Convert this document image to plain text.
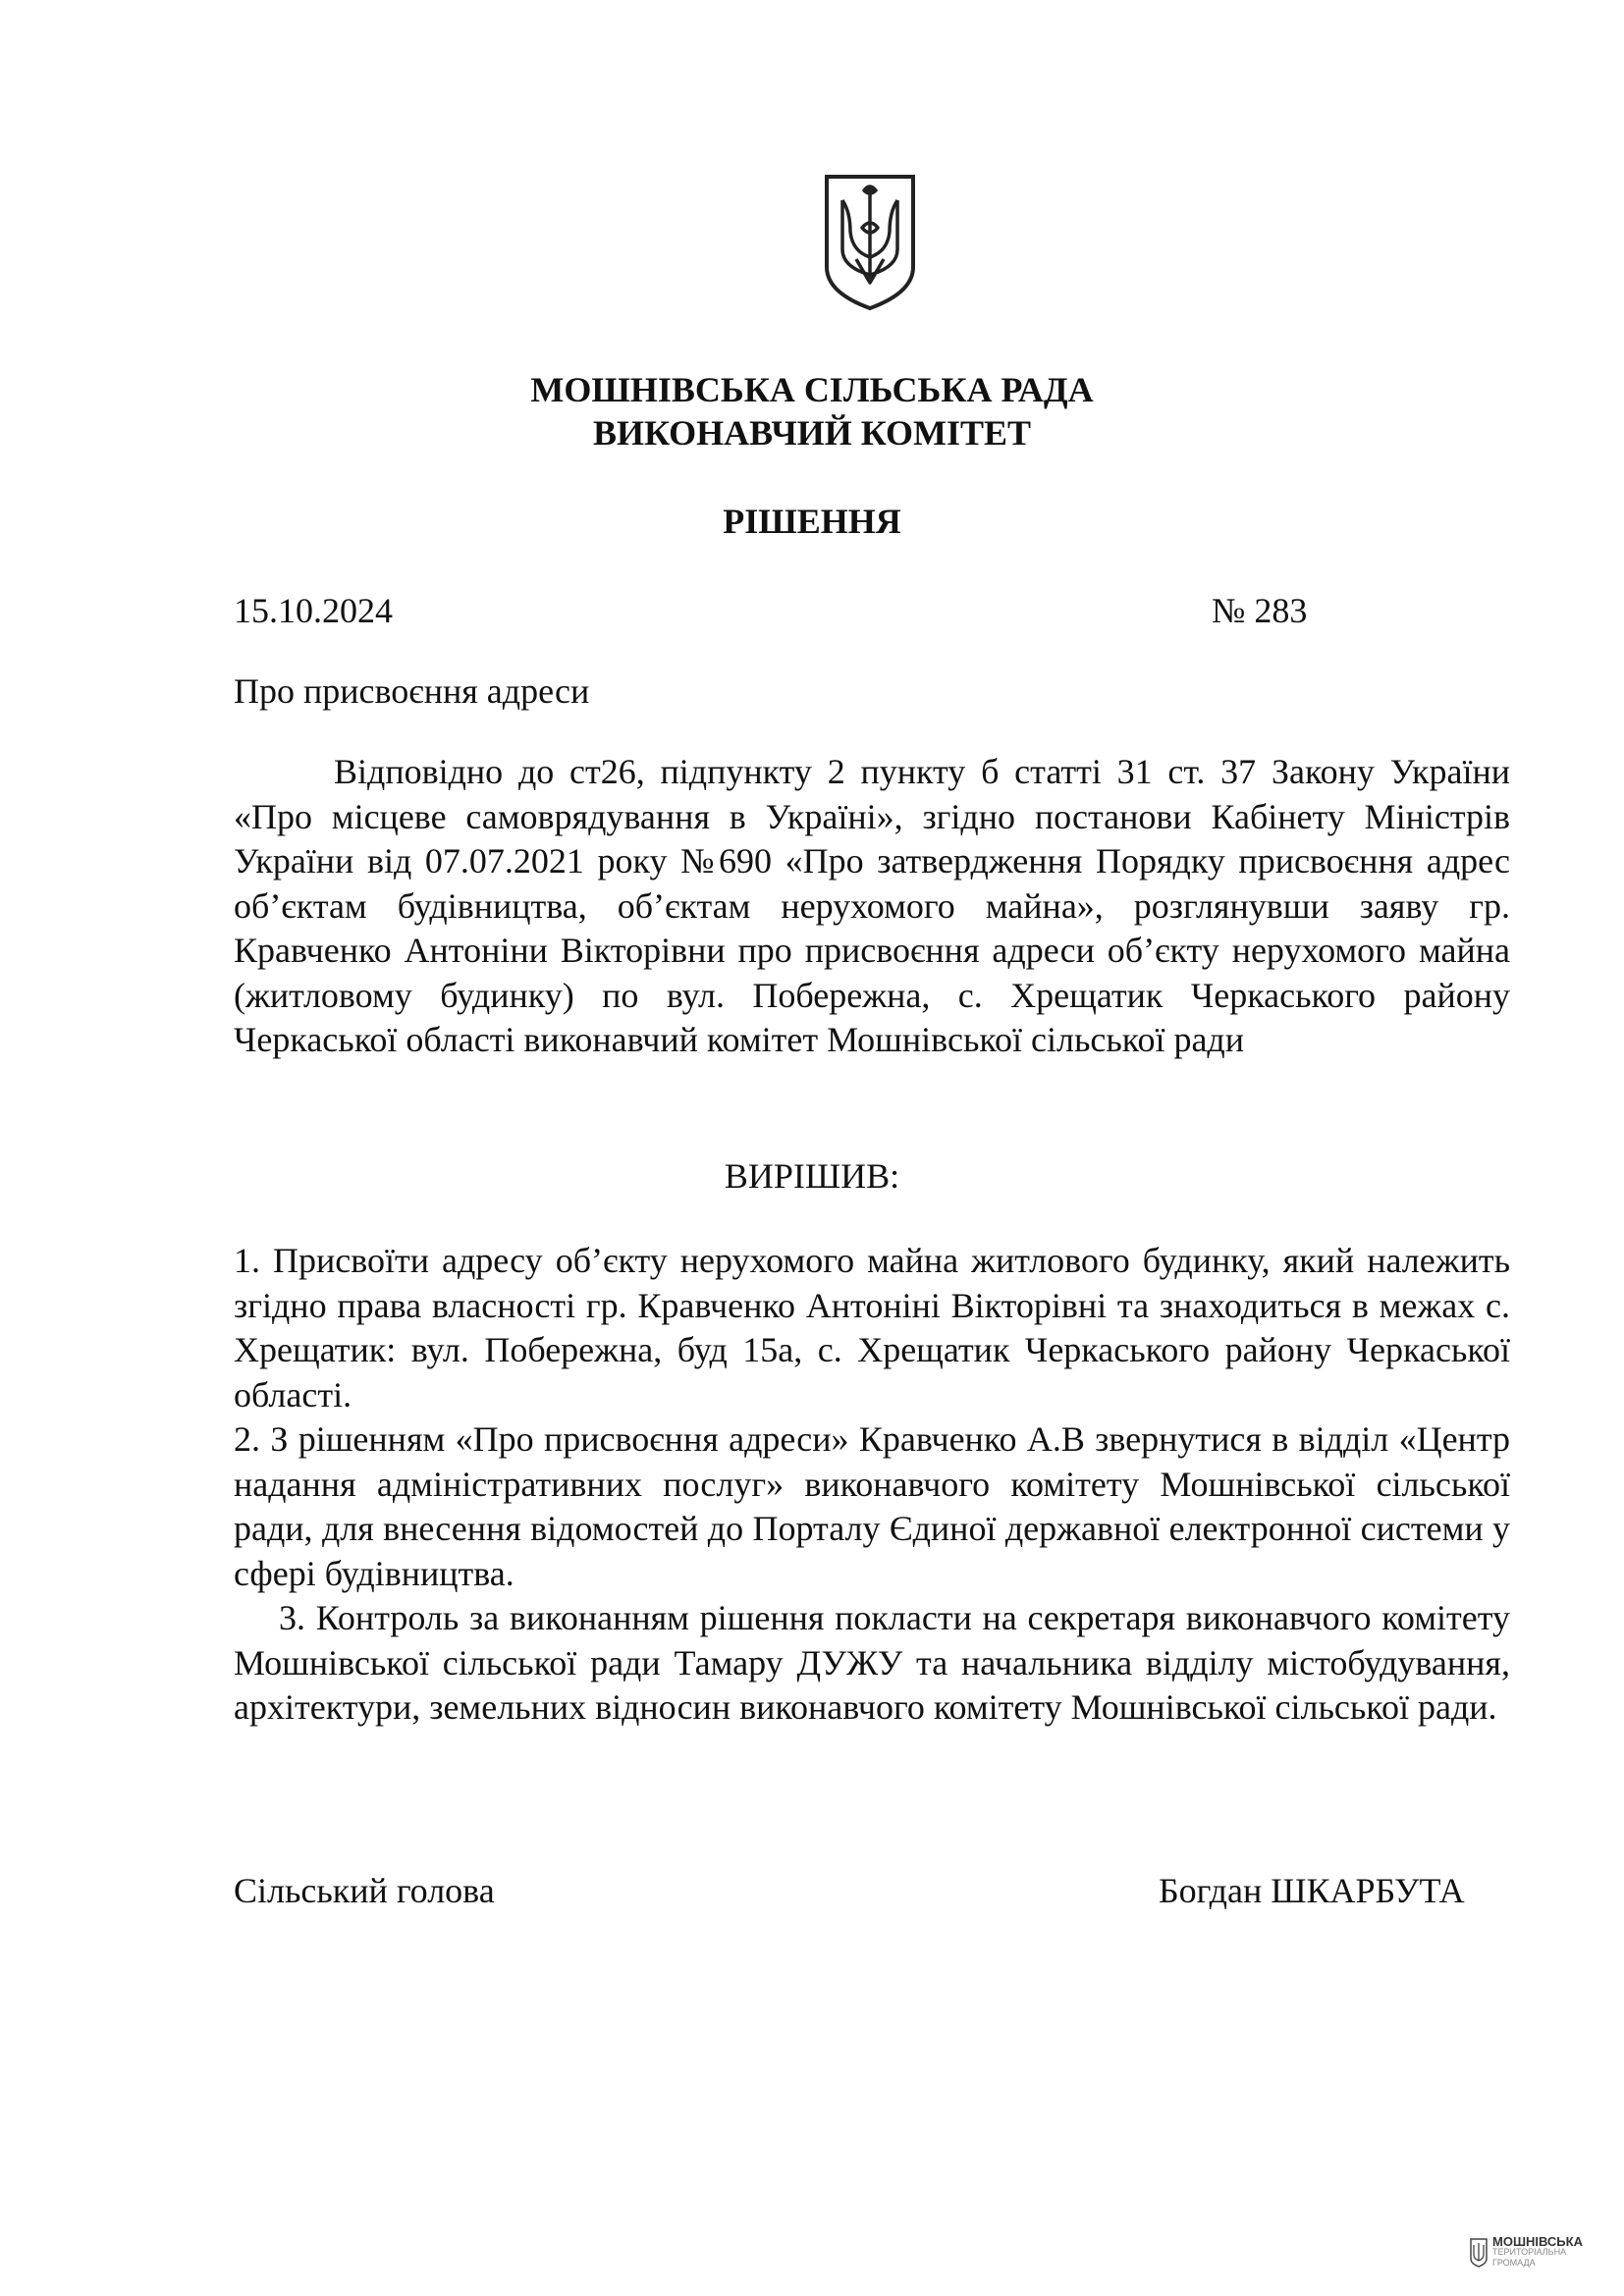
МОШНІВСЬКА СІЛЬСЬКА РАДА
ВИКОНАВЧИЙ КОМІТЕТ
РІШЕННЯ
15.10.2024	№ 283
Про присвоєння адреси
Відповідно до ст26, підпункту 2 пункту б статті 31 ст. 37 Закону України «Про місцеве самоврядування в Україні», згідно постанови Кабінету Міністрів України від 07.07.2021 року №690 «Про затвердження Порядку присвоєння адрес об’єктам будівництва, об’єктам нерухомого майна», розглянувши заяву гр. Кравченко Антоніни Вікторівни про присвоєння адреси об’єкту нерухомого майна (житловому будинку) по вул. Побережна, с. Хрещатик Черкаського району Черкаської області виконавчий комітет Мошнівської сільської ради
ВИРІШИВ:
1. Присвоїти адресу об’єкту нерухомого майна житлового будинку, який належить згідно права власності гр. Кравченко Антоніні Вікторівні та знаходиться в межах с. Хрещатик: вул. Побережна, буд 15а, с. Хрещатик Черкаського району Черкаської області.
2. З рішенням «Про присвоєння адреси» Кравченко А.В звернутися в відділ «Центр надання адміністративних послуг» виконавчого комітету Мошнівської сільської ради, для внесення відомостей до Порталу Єдиної державної електронної системи у сфері будівництва.
3. Контроль за виконанням рішення покласти на секретаря виконавчого комітету Мошнівської сільської ради Тамару ДУЖУ та начальника відділу містобудування, архітектури, земельних відносин виконавчого комітету Мошнівської сільської ради.
Сільський голова	Богдан ШКАРБУТА
МОШНІВСЬКА
ТЕРИТОРІАЛЬНА
ГРОМАДА
